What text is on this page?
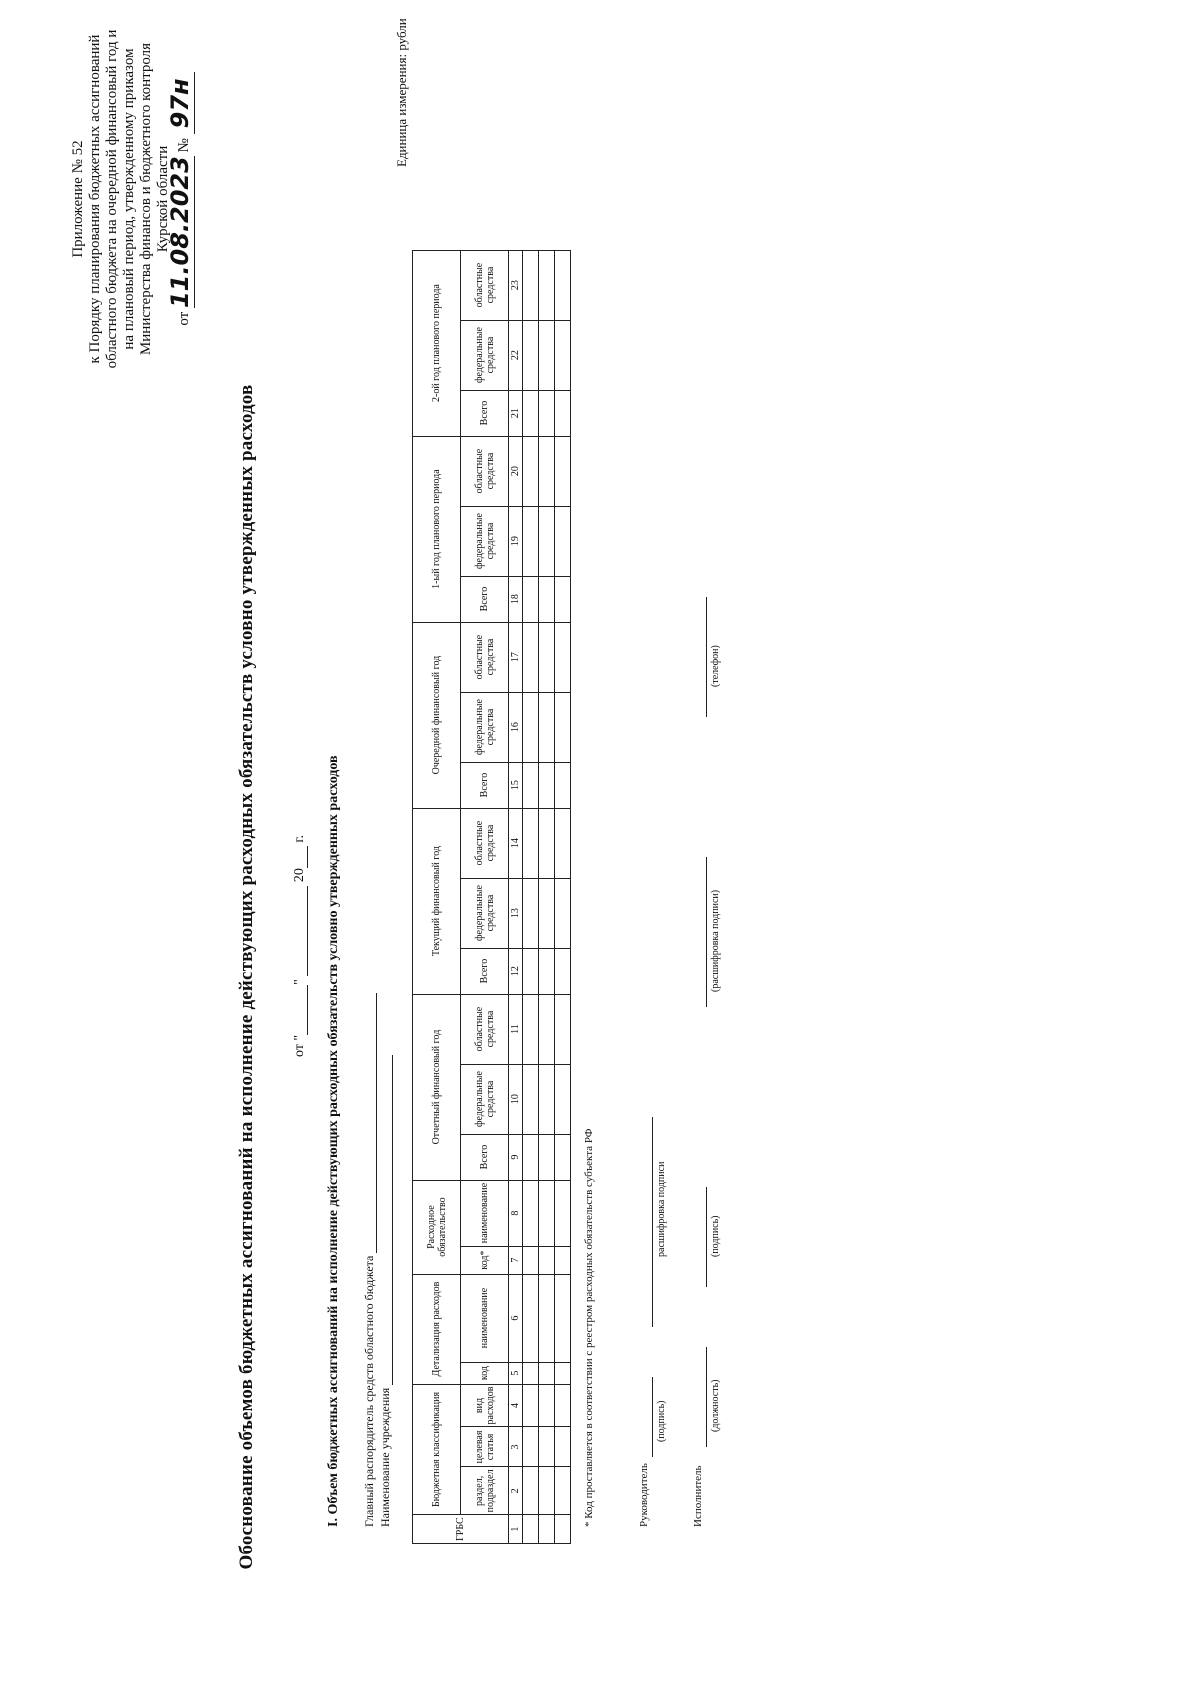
Приложение № 52 к Порядку планирования бюджетных ассигнований областного бюджета на очередной финансовый год и на плановый период, утвержденному приказом Министерства финансов и бюджетного контроля Курской области
от 11.08.2023 № 97н
Обоснование объемов бюджетных ассигнований на исполнение действующих расходных обязательств условно утвержденных расходов	от ""  20 г. I. Объем бюджетных ассигнований на исполнение действующих расходных обязательств условно утвержденных расходов Главный распорядитель средств областного бюджета Наименование учреждения
Единица измерения: рубли
ГРБС	Бюджетная классификация			Детализация расходов		Расходное обязательство		Отчетный финансовый год			Текущий финансовый год			Очередной финансовый год			1-ый год планового периода			2-ой год планового периода		
	раздел, подраздел	целевая статья	вид расходов	код	наименование	код*	наименование	Всего	федеральные средства	областные средства	Всего	федеральные средства	областные средства	Всего	федеральные средства	областные средства	Всего	федеральные средства	областные средства	Всего	федеральные средства	областные средства
1	2	3	4	5	6	7	8	9	10	11	12	13	14	15	16	17	18	19	20	21	22	23

* Код проставляется в соответствии с реестром расходных обязательств субъекта РФ	Руководитель
(подпись)
расшифровка подписи
Исполнитель
(должность)
(подпись)
(расшифровка подписи)
(телефон)
